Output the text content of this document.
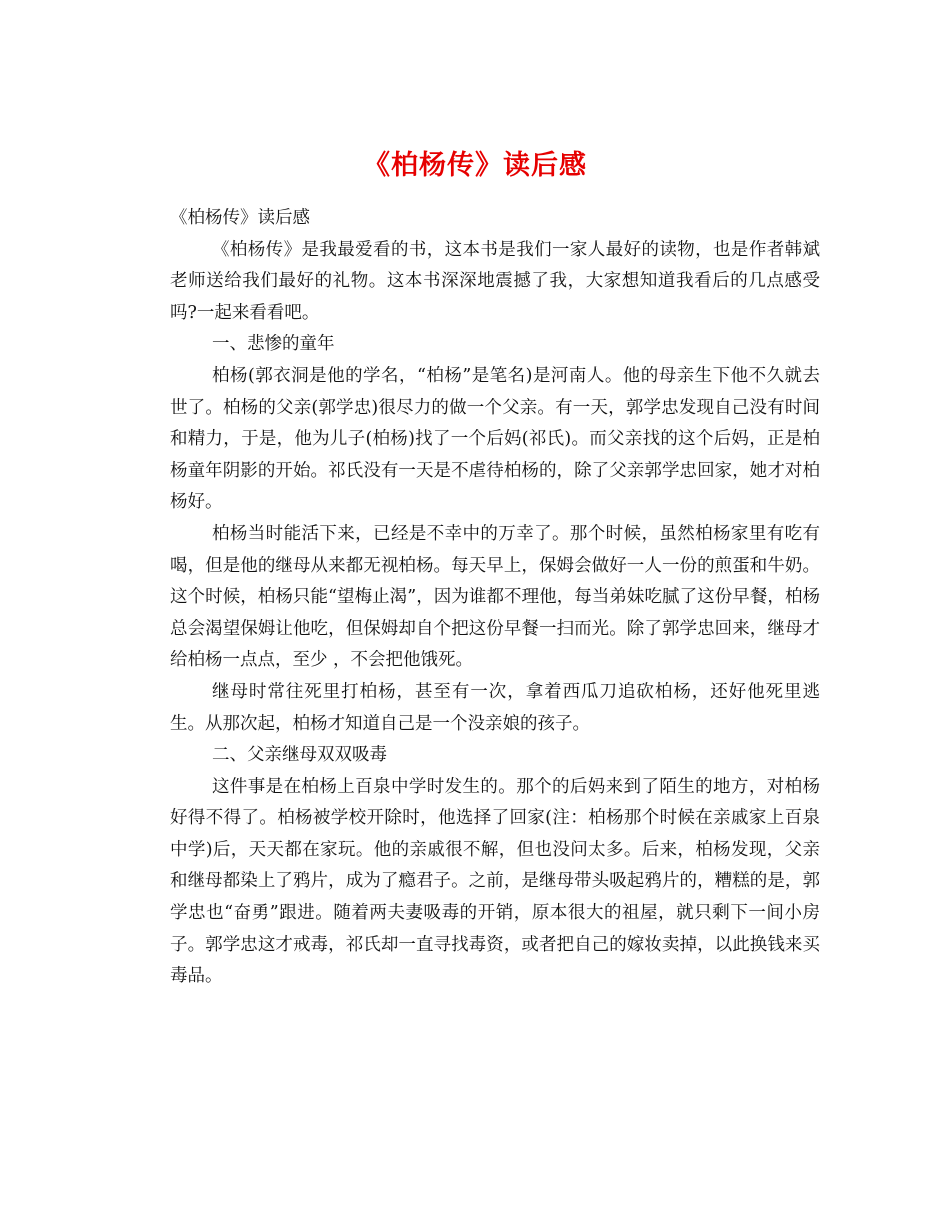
《柏杨传》读后感

《柏杨传》读后感

《柏杨传》是我最爱看的书，这本书是我们一家人最好的读物，也是作者韩斌老师送给我们最好的礼物。这本书深深地震撼了我，大家想知道我看后的几点感受吗?一起来看看吧。

一、悲惨的童年

柏杨(郭衣洞是他的学名，“柏杨”是笔名)是河南人。他的母亲生下他不久就去世了。柏杨的父亲(郭学忠)很尽力的做一个父亲。有一天，郭学忠发现自己没有时间和精力，于是，他为儿子(柏杨)找了一个后妈(祁氏)。而父亲找的这个后妈，正是柏杨童年阴影的开始。祁氏没有一天是不虐待柏杨的，除了父亲郭学忠回家，她才对柏杨好。

柏杨当时能活下来，已经是不幸中的万幸了。那个时候，虽然柏杨家里有吃有喝，但是他的继母从来都无视柏杨。每天早上，保姆会做好一人一份的煎蛋和牛奶。这个时候，柏杨只能“望梅止渴”，因为谁都不理他，每当弟妹吃腻了这份早餐，柏杨总会渴望保姆让他吃，但保姆却自个把这份早餐一扫而光。除了郭学忠回来，继母才给柏杨一点点，至少 ，不会把他饿死。

继母时常往死里打柏杨，甚至有一次，拿着西瓜刀追砍柏杨，还好他死里逃生。从那次起，柏杨才知道自己是一个没亲娘的孩子。

二、父亲继母双双吸毒

这件事是在柏杨上百泉中学时发生的。那个的后妈来到了陌生的地方，对柏杨好得不得了。柏杨被学校开除时，他选择了回家(注：柏杨那个时候在亲戚家上百泉中学)后，天天都在家玩。他的亲戚很不解，但也没问太多。后来，柏杨发现，父亲和继母都染上了鸦片，成为了瘾君子。之前，是继母带头吸起鸦片的，糟糕的是，郭学忠也“奋勇”跟进。随着两夫妻吸毒的开销，原本很大的祖屋，就只剩下一间小房子。郭学忠这才戒毒，祁氏却一直寻找毒资，或者把自己的嫁妆卖掉，以此换钱来买毒品。
